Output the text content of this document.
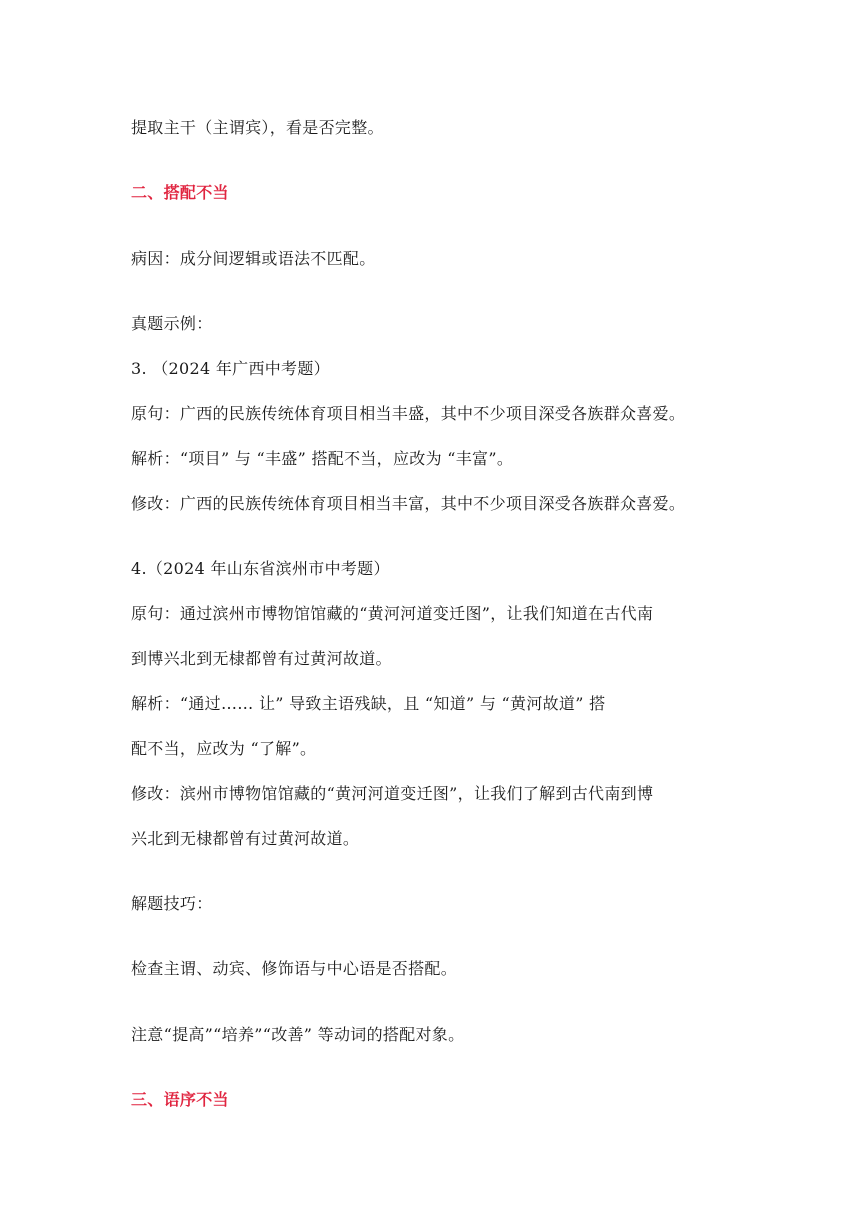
提取主干（主谓宾），看是否完整。
二、搭配不当
病因：成分间逻辑或语法不匹配。
真题示例：
3. （2024 年广西中考题）
原句：广西的民族传统体育项目相当丰盛，其中不少项目深受各族群众喜爱。
解析：“项目” 与 “丰盛” 搭配不当，应改为 “丰富”。
修改：广西的民族传统体育项目相当丰富，其中不少项目深受各族群众喜爱。
4.（2024 年山东省滨州市中考题）
原句：通过滨州市博物馆馆藏的“黄河河道变迁图”，让我们知道在古代南
到博兴北到无棣都曾有过黄河故道。
解析：“通过…… 让” 导致主语残缺，且 “知道” 与 “黄河故道” 搭
配不当，应改为 “了解”。
修改：滨州市博物馆馆藏的“黄河河道变迁图”，让我们了解到古代南到博
兴北到无棣都曾有过黄河故道。
解题技巧：
检查主谓、动宾、修饰语与中心语是否搭配。
注意“提高”“培养”“改善” 等动词的搭配对象。
三、语序不当
